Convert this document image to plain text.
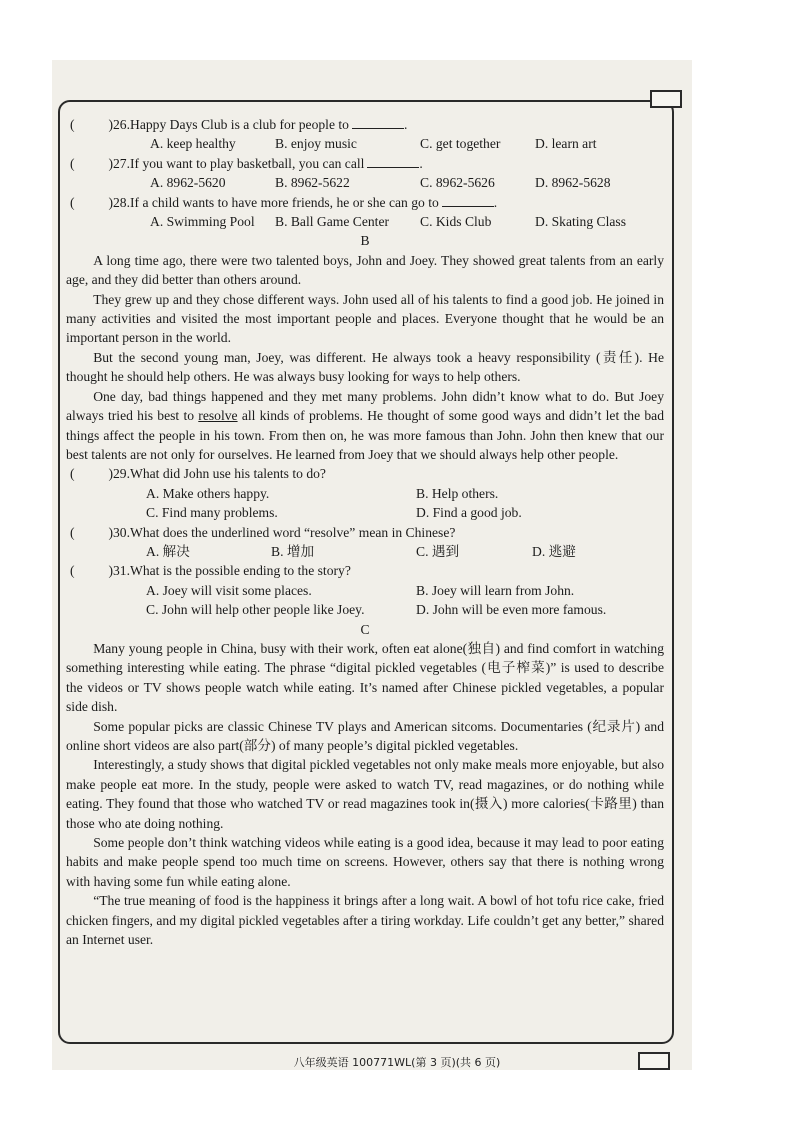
( )26. Happy Days Club is a club for people to	.
A. keep healthy	B. enjoy music	C. get together	D. learn art
( )27. If you want to play basketball, you can call	.
A. 8962-5620	B. 8962-5622	C. 8962-5626	D. 8962-5628
( )28. If a child wants to have more friends, he or she can go to	.
A. Swimming Pool	B. Ball Game Center	C. Kids Club	D. Skating Class
B

A long time ago, there were two talented boys, John and Joey. They showed great talents from an early age, and they did better than others around.

They grew up and they chose different ways. John used all of his talents to find a good job. He joined in many activities and visited the most important people and places. Everyone thought that he would be an important person in the world.

But the second young man, Joey, was different. He always took a heavy responsibility (责任). He thought he should help others. He was always busy looking for ways to help others.

One day, bad things happened and they met many problems. John didn’t know what to do. But Joey always tried his best to resolve all kinds of problems. He thought of some good ways and didn’t let the bad things affect the people in his town. From then on, he was more famous than John. John then knew that our best talents are not only for ourselves. He learned from Joey that we should always help other people.

( )29. What did John use his talents to do?
A. Make others happy.	B. Help others.
C. Find many problems.	D. Find a good job.
( )30. What does the underlined word “resolve” mean in Chinese?
A. 解决	B. 增加	C. 遇到	D. 逃避
( )31. What is the possible ending to the story?
A. Joey will visit some places.	B. Joey will learn from John.
C. John will help other people like Joey.	D. John will be even more famous.
C

Many young people in China, busy with their work, often eat alone(独自) and find comfort in watching something interesting while eating. The phrase “digital pickled vegetables (电子榨菜)” is used to describe the videos or TV shows people watch while eating. It’s named after Chinese pickled vegetables, a popular side dish.

Some popular picks are classic Chinese TV plays and American sitcoms. Documentaries (纪录片) and online short videos are also part(部分) of many people’s digital pickled vegetables.

Interestingly, a study shows that digital pickled vegetables not only make meals more enjoyable, but also make people eat more. In the study, people were asked to watch TV, read magazines, or do nothing while eating. They found that those who watched TV or read magazines took in(摄入) more calories(卡路里) than those who ate doing nothing.

Some people don’t think watching videos while eating is a good idea, because it may lead to poor eating habits and make people spend too much time on screens. However, others say that there is nothing wrong with having some fun while eating alone.

“The true meaning of food is the happiness it brings after a long wait. A bowl of hot tofu rice cake, fried chicken fingers, and my digital pickled vegetables after a tiring workday. Life couldn’t get any better,” shared an Internet user.

八年级英语 100771WL(第 3 页)(共 6 页)
